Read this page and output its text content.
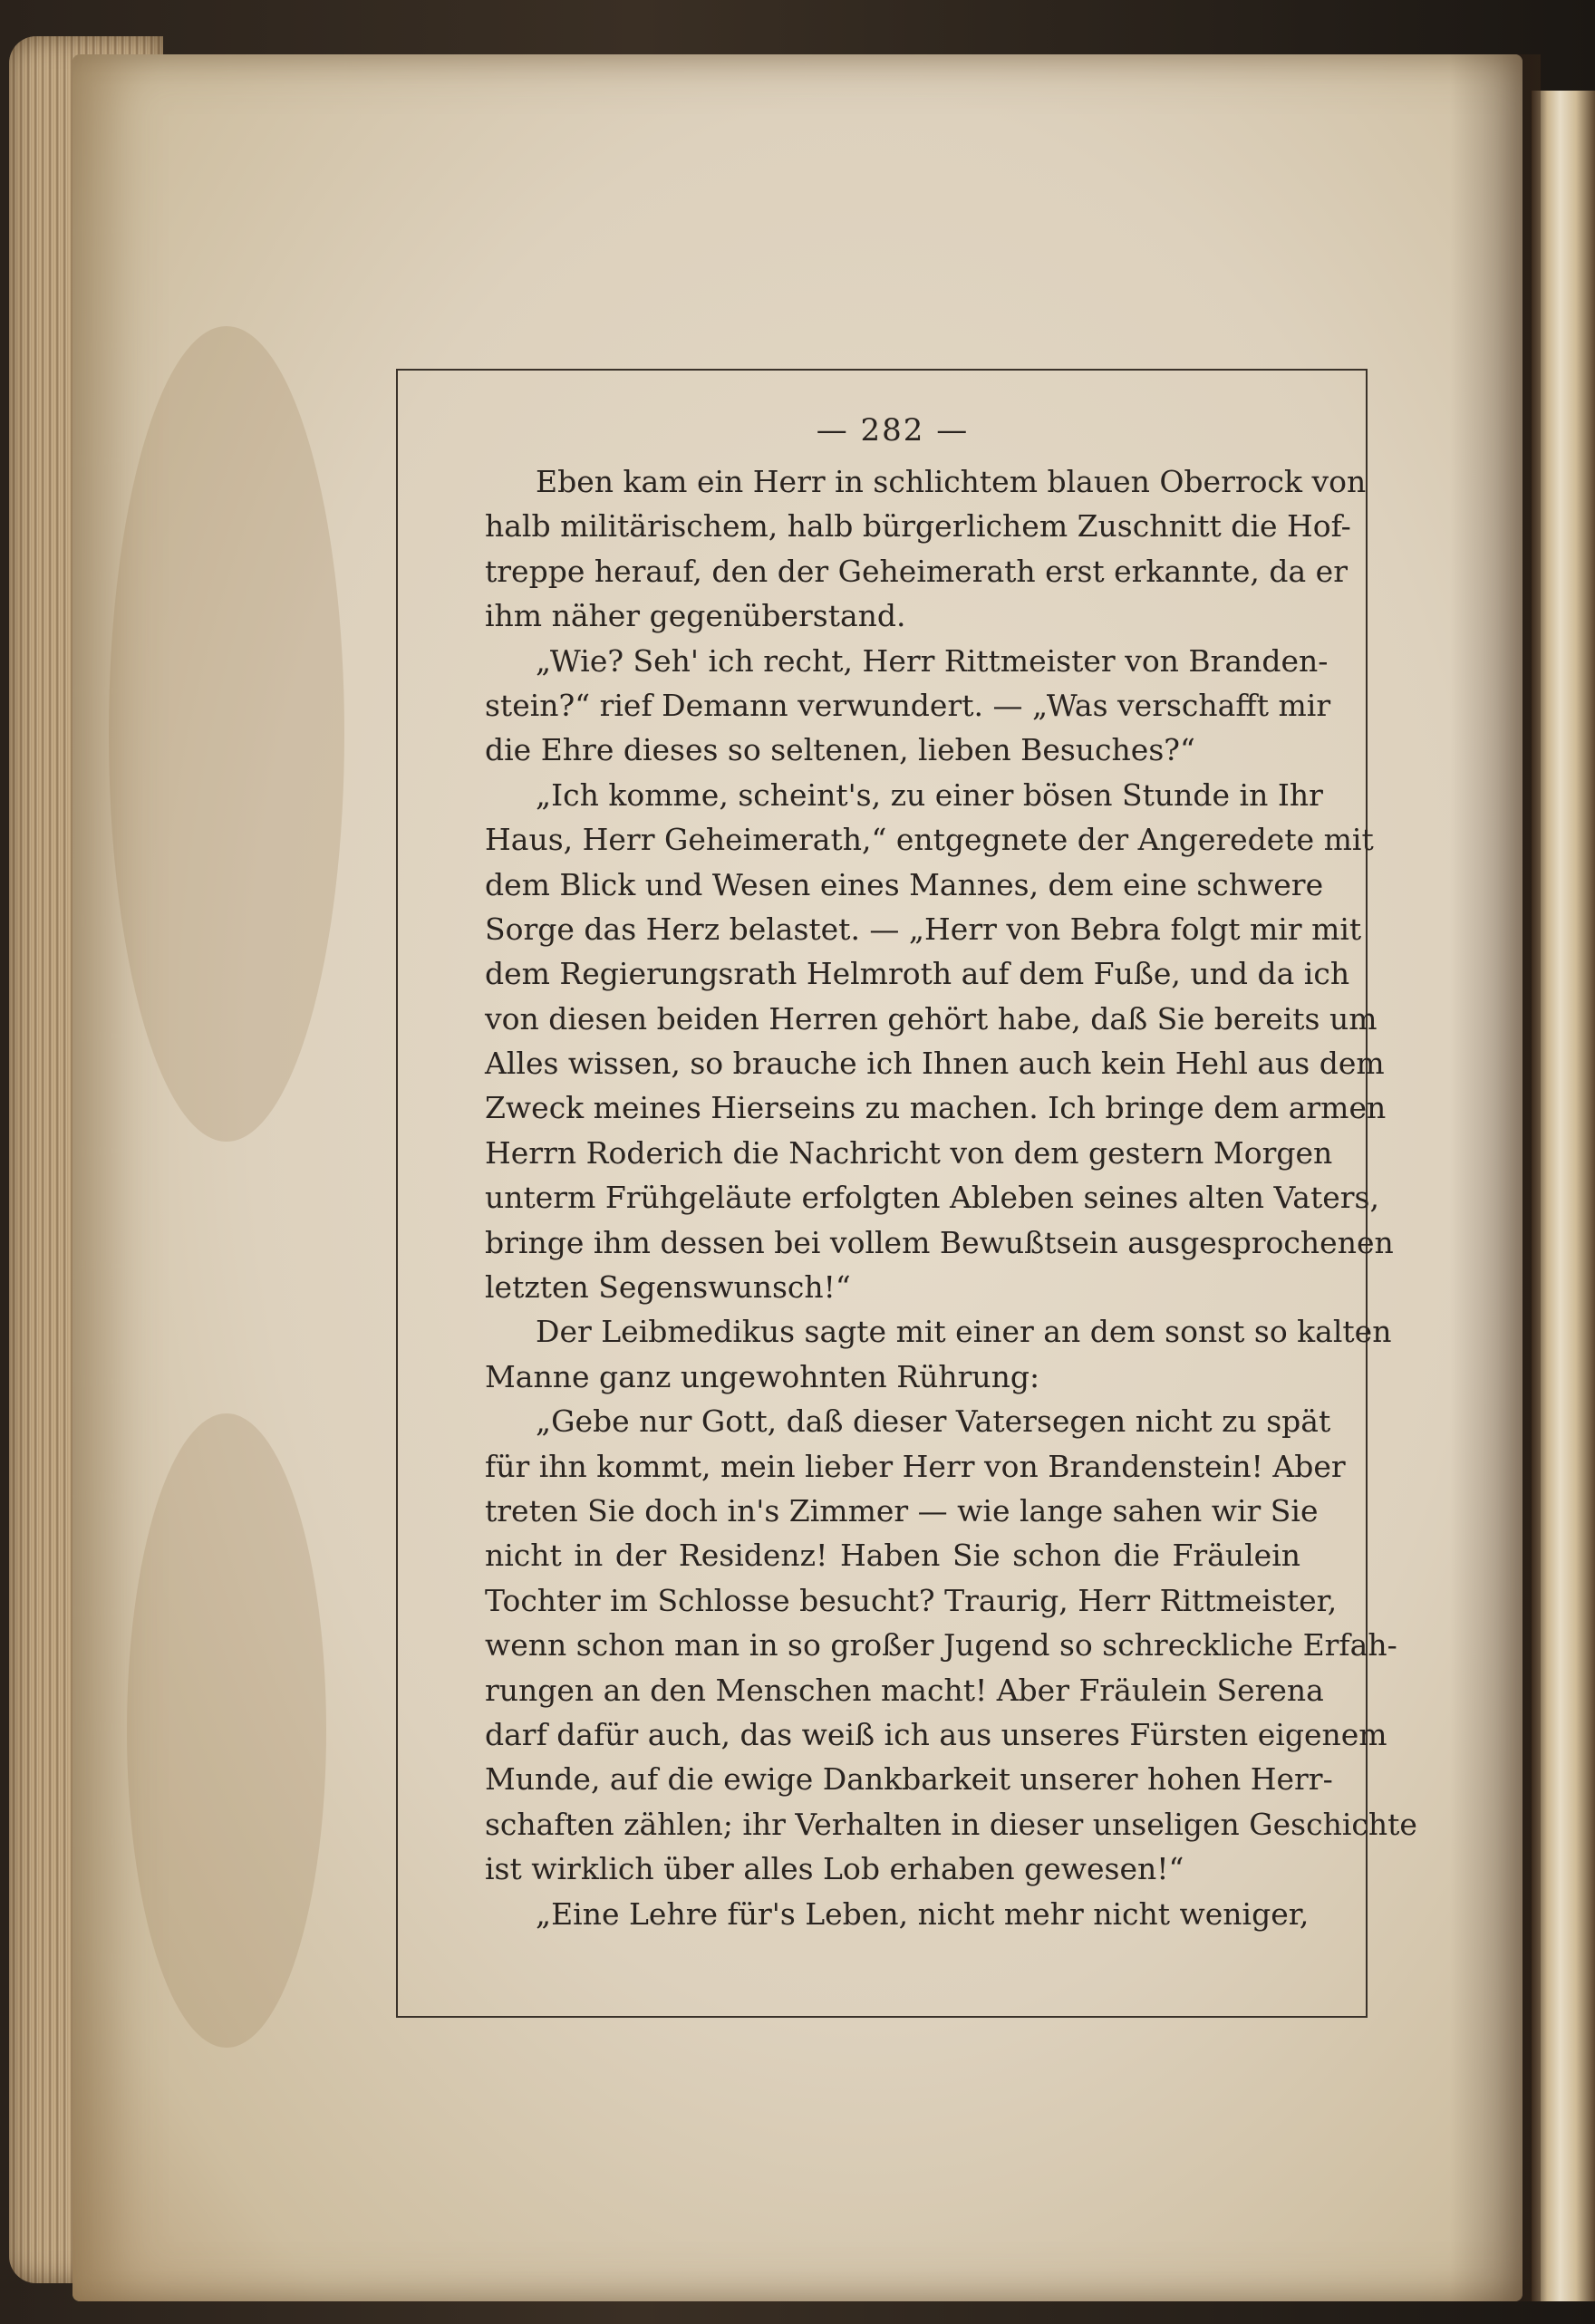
— 282 —
Eben kam ein Herr in schlichtem blauen Oberrock von
halb militärischem, halb bürgerlichem Zuschnitt die Hof-
treppe herauf, den der Geheimerath erst erkannte, da er
ihm näher gegenüberstand.
„Wie? Seh' ich recht, Herr Rittmeister von Branden-
stein?“ rief Demann verwundert. — „Was verschafft mir
die Ehre dieses so seltenen, lieben Besuches?“
„Ich komme, scheint's, zu einer bösen Stunde in Ihr
Haus, Herr Geheimerath,“ entgegnete der Angeredete mit
dem Blick und Wesen eines Mannes, dem eine schwere
Sorge das Herz belastet. — „Herr von Bebra folgt mir mit
dem Regierungsrath Helmroth auf dem Fuße, und da ich
von diesen beiden Herren gehört habe, daß Sie bereits um
Alles wissen, so brauche ich Ihnen auch kein Hehl aus dem
Zweck meines Hierseins zu machen. Ich bringe dem armen
Herrn Roderich die Nachricht von dem gestern Morgen
unterm Frühgeläute erfolgten Ableben seines alten Vaters,
bringe ihm dessen bei vollem Bewußtsein ausgesprochenen
letzten Segenswunsch!“
Der Leibmedikus sagte mit einer an dem sonst so kalten
Manne ganz ungewohnten Rührung:
„Gebe nur Gott, daß dieser Vatersegen nicht zu spät
für ihn kommt, mein lieber Herr von Brandenstein! Aber
treten Sie doch in's Zimmer — wie lange sahen wir Sie
nicht in der Residenz! Haben Sie schon die Fräulein
Tochter im Schlosse besucht? Traurig, Herr Rittmeister,
wenn schon man in so großer Jugend so schreckliche Erfah-
rungen an den Menschen macht! Aber Fräulein Serena
darf dafür auch, das weiß ich aus unseres Fürsten eigenem
Munde, auf die ewige Dankbarkeit unserer hohen Herr-
schaften zählen; ihr Verhalten in dieser unseligen Geschichte
ist wirklich über alles Lob erhaben gewesen!“
„Eine Lehre für's Leben, nicht mehr nicht weniger,
